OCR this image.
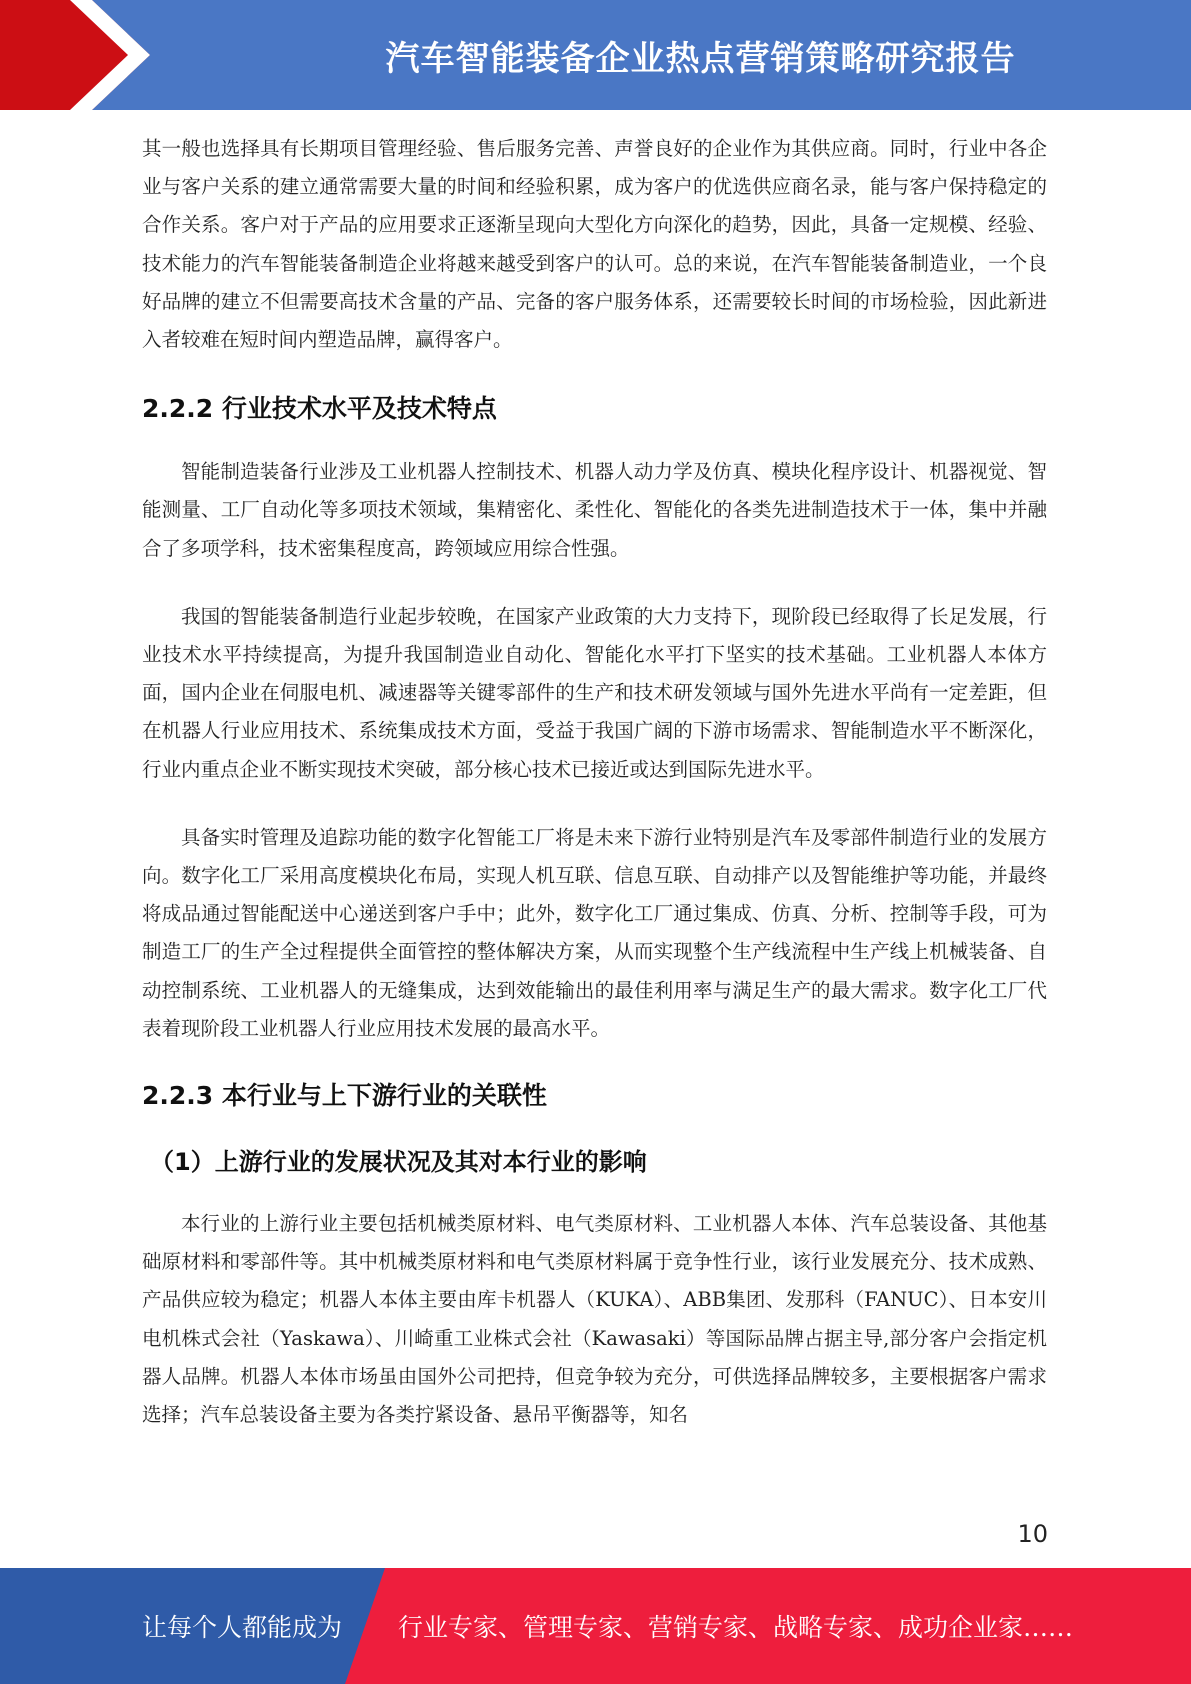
汽车智能装备企业热点营销策略研究报告

其一般也选择具有长期项目管理经验、售后服务完善、声誉良好的企业作为其供应商。同时，行业中各企业与客户关系的建立通常需要大量的时间和经验积累，成为客户的优选供应商名录，能与客户保持稳定的合作关系。客户对于产品的应用要求正逐渐呈现向大型化方向深化的趋势，因此，具备一定规模、经验、技术能力的汽车智能装备制造企业将越来越受到客户的认可。总的来说，在汽车智能装备制造业，一个良好品牌的建立不但需要高技术含量的产品、完备的客户服务体系，还需要较长时间的市场检验，因此新进入者较难在短时间内塑造品牌，赢得客户。

2.2.2 行业技术水平及技术特点

智能制造装备行业涉及工业机器人控制技术、机器人动力学及仿真、模块化程序设计、机器视觉、智能测量、工厂自动化等多项技术领域，集精密化、柔性化、智能化的各类先进制造技术于一体，集中并融合了多项学科，技术密集程度高，跨领域应用综合性强。

我国的智能装备制造行业起步较晚，在国家产业政策的大力支持下，现阶段已经取得了长足发展，行业技术水平持续提高，为提升我国制造业自动化、智能化水平打下坚实的技术基础。工业机器人本体方面，国内企业在伺服电机、减速器等关键零部件的生产和技术研发领域与国外先进水平尚有一定差距，但在机器人行业应用技术、系统集成技术方面，受益于我国广阔的下游市场需求、智能制造水平不断深化，行业内重点企业不断实现技术突破，部分核心技术已接近或达到国际先进水平。

具备实时管理及追踪功能的数字化智能工厂将是未来下游行业特别是汽车及零部件制造行业的发展方向。数字化工厂采用高度模块化布局，实现人机互联、信息互联、自动排产以及智能维护等功能，并最终将成品通过智能配送中心递送到客户手中；此外，数字化工厂通过集成、仿真、分析、控制等手段，可为制造工厂的生产全过程提供全面管控的整体解决方案，从而实现整个生产线流程中生产线上机械装备、自动控制系统、工业机器人的无缝集成，达到效能输出的最佳利用率与满足生产的最大需求。数字化工厂代表着现阶段工业机器人行业应用技术发展的最高水平。

2.2.3 本行业与上下游行业的关联性
（1）上游行业的发展状况及其对本行业的影响

本行业的上游行业主要包括机械类原材料、电气类原材料、工业机器人本体、汽车总装设备、其他基础原材料和零部件等。其中机械类原材料和电气类原材料属于竞争性行业，该行业发展充分、技术成熟、产品供应较为稳定；机器人本体主要由库卡机器人（KUKA）、ABB集团、发那科（FANUC）、日本安川电机株式会社（Yaskawa）、川崎重工业株式会社（Kawasaki）等国际品牌占据主导,部分客户会指定机器人品牌。机器人本体市场虽由国外公司把持，但竞争较为充分，可供选择品牌较多，主要根据客户需求选择；汽车总装设备主要为各类拧紧设备、悬吊平衡器等，知名

10
让每个人都能成为 行业专家、管理专家、营销专家、战略专家、成功企业家……
